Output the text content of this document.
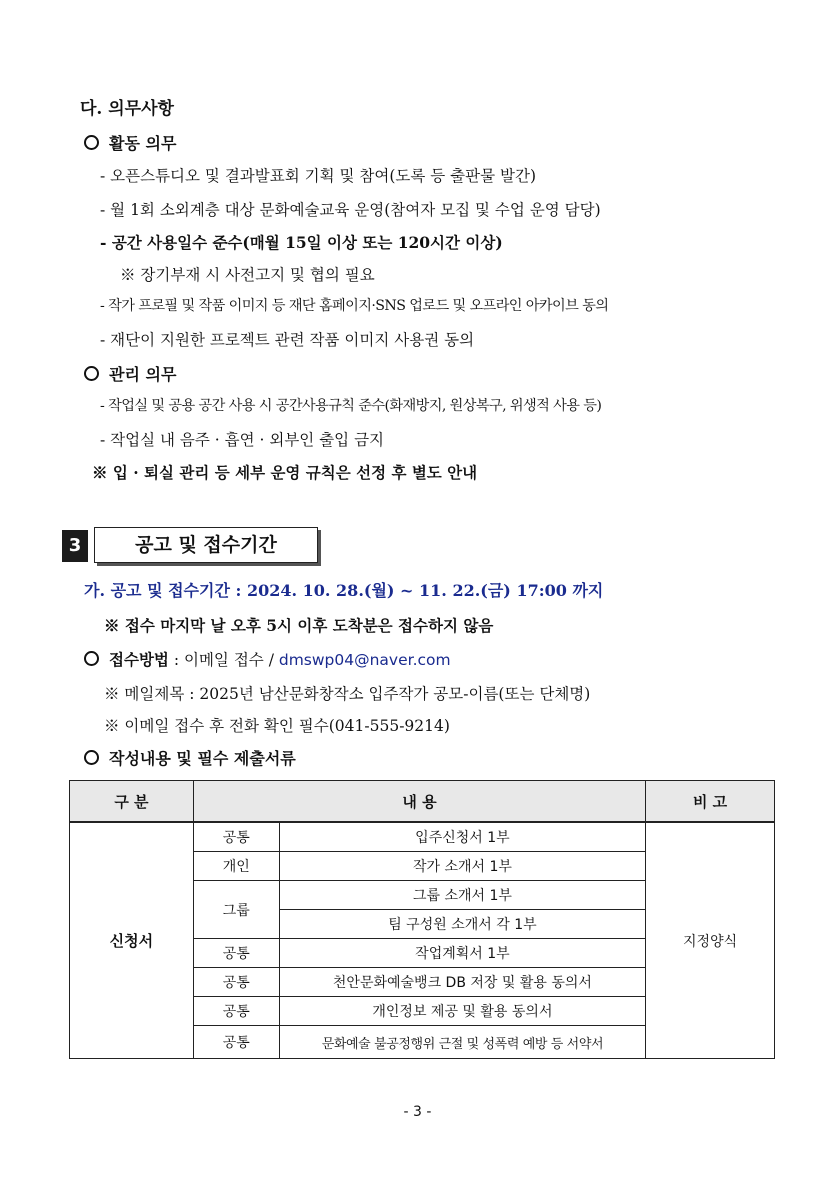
다. 의무사항
활동 의무
- 오픈스튜디오 및 결과발표회 기획 및 참여(도록 등 출판물 발간)
- 월 1회 소외계층 대상 문화예술교육 운영(참여자 모집 및 수업 운영 담당)
- 공간 사용일수 준수(매월 15일 이상 또는 120시간 이상)
※ 장기부재 시 사전고지 및 협의 필요
- 작가 프로필 및 작품 이미지 등 재단 홈페이지·SNS 업로드 및 오프라인 아카이브 동의
- 재단이 지원한 프로젝트 관련 작품 이미지 사용권 동의
관리 의무
- 작업실 및 공용 공간 사용 시 공간사용규칙 준수(화재방지, 원상복구, 위생적 사용 등)
- 작업실 내 음주 · 흡연 · 외부인 출입 금지
※ 입 · 퇴실 관리 등 세부 운영 규칙은 선정 후 별도 안내
3	공고 및 접수기간
가. 공고 및 접수기간 : 2024. 10. 28.(월) ~ 11. 22.(금) 17:00 까지
※ 접수 마지막 날 오후 5시 이후 도착분은 접수하지 않음
접수방법 : 이메일 접수 / dmswp04@naver.com
※ 메일제목 : 2025년 남산문화창작소 입주작가 공모-이름(또는 단체명)
※ 이메일 접수 후 전화 확인 필수(041-555-9214)
작성내용 및 필수 제출서류
구 분	내 용		비 고
신청서	공통	입주신청서 1부	지정양식
	개인	작가 소개서 1부	
	그룹	그룹 소개서 1부	
		팀 구성원 소개서 각 1부	
	공통	작업계획서 1부	
	공통	천안문화예술뱅크 DB 저장 및 활용 동의서	
	공통	개인정보 제공 및 활용 동의서	
	공통	문화예술 불공정행위 근절 및 성폭력 예방 등 서약서	
- 3 -
